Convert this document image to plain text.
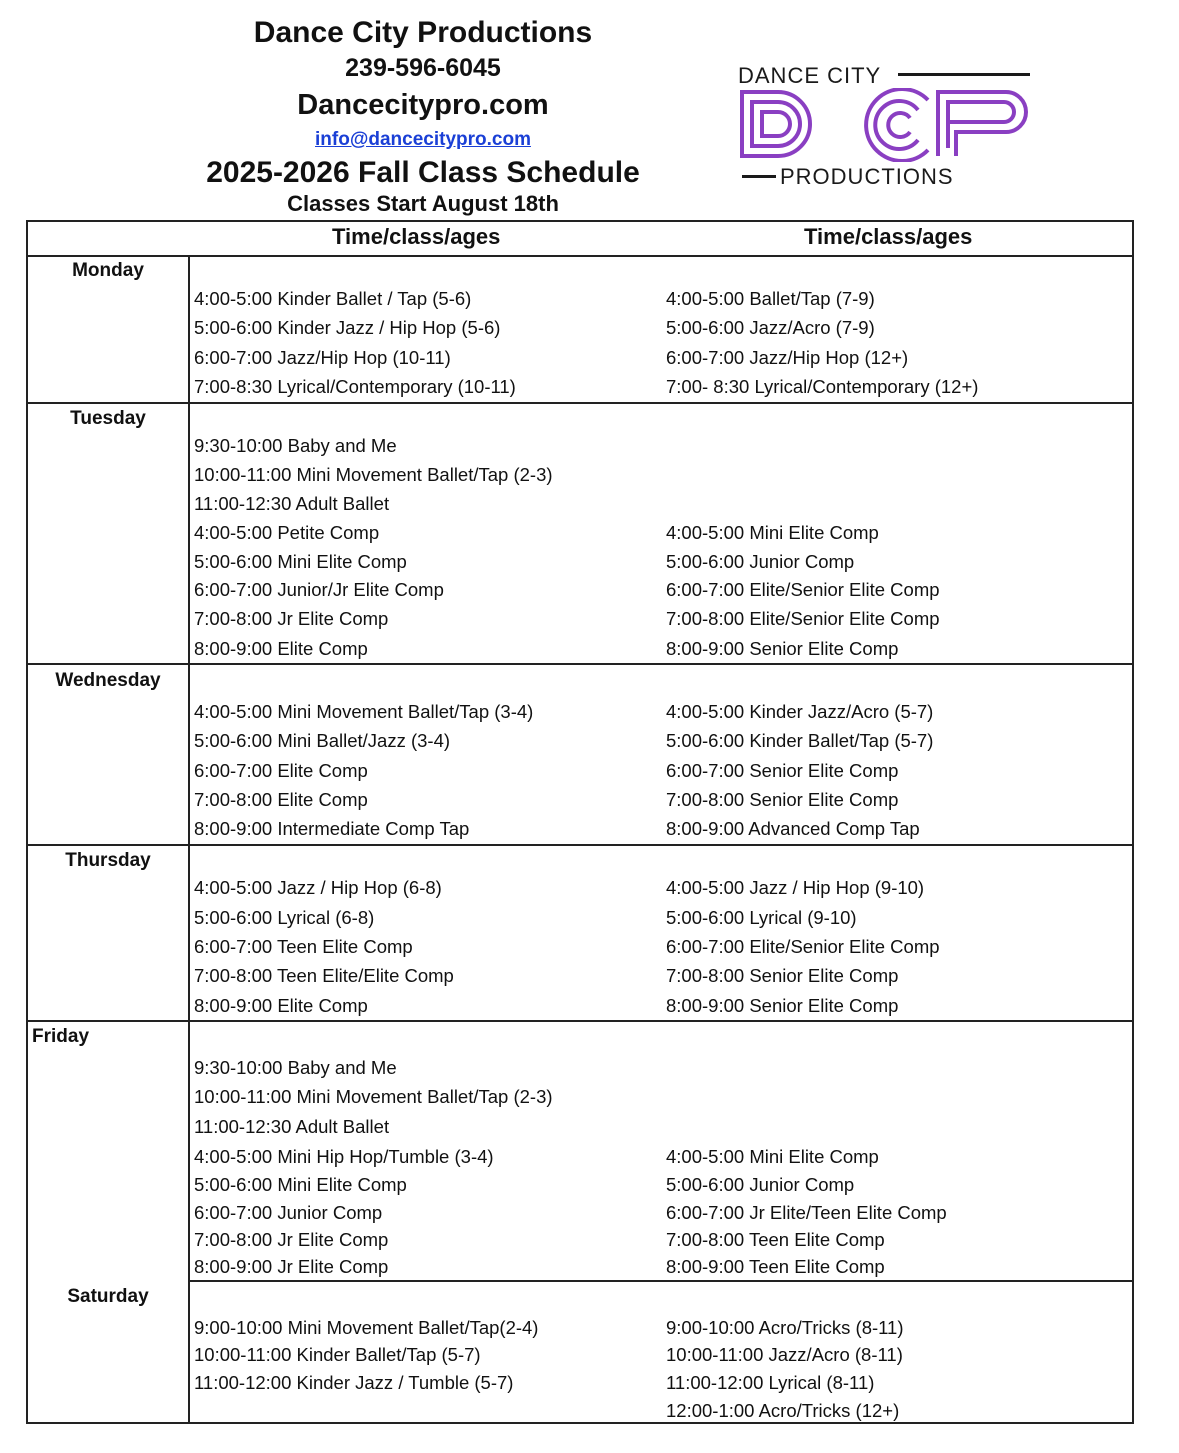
Dance City Productions
239-596-6045
Dancecitypro.com
info@dancecitypro.com
2025-2026 Fall Class Schedule
Classes Start August 18th
DANCE CITY
PRODUCTIONS
Time/class/ages	Time/class/ages
Monday
4:00-5:00 Kinder Ballet / Tap (5-6)
5:00-6:00 Kinder Jazz / Hip Hop (5-6)
6:00-7:00 Jazz/Hip Hop (10-11)
7:00-8:30 Lyrical/Contemporary (10-11)
4:00-5:00 Ballet/Tap (7-9)
5:00-6:00 Jazz/Acro (7-9)
6:00-7:00 Jazz/Hip Hop (12+)
7:00- 8:30 Lyrical/Contemporary (12+)
Tuesday
9:30-10:00 Baby and Me
10:00-11:00 Mini Movement Ballet/Tap (2-3)
11:00-12:30 Adult Ballet
4:00-5:00 Petite Comp
5:00-6:00 Mini Elite Comp
6:00-7:00 Junior/Jr Elite Comp
7:00-8:00 Jr Elite Comp
8:00-9:00 Elite Comp
4:00-5:00 Mini Elite Comp
5:00-6:00 Junior Comp
6:00-7:00 Elite/Senior Elite Comp
7:00-8:00 Elite/Senior Elite Comp
8:00-9:00 Senior Elite Comp
Wednesday
4:00-5:00 Mini Movement Ballet/Tap (3-4)
5:00-6:00 Mini Ballet/Jazz (3-4)
6:00-7:00 Elite Comp
7:00-8:00 Elite Comp
8:00-9:00 Intermediate Comp Tap
4:00-5:00 Kinder Jazz/Acro (5-7)
5:00-6:00 Kinder Ballet/Tap (5-7)
6:00-7:00 Senior Elite Comp
7:00-8:00 Senior Elite Comp
8:00-9:00 Advanced Comp Tap
Thursday
4:00-5:00 Jazz / Hip Hop (6-8)
5:00-6:00 Lyrical (6-8)
6:00-7:00 Teen Elite Comp
7:00-8:00 Teen Elite/Elite Comp
8:00-9:00 Elite Comp
4:00-5:00 Jazz / Hip Hop (9-10)
5:00-6:00 Lyrical (9-10)
6:00-7:00 Elite/Senior Elite Comp
7:00-8:00 Senior Elite Comp
8:00-9:00 Senior Elite Comp
Friday
9:30-10:00 Baby and Me
10:00-11:00 Mini Movement Ballet/Tap (2-3)
11:00-12:30 Adult Ballet
4:00-5:00 Mini Hip Hop/Tumble (3-4)
5:00-6:00 Mini Elite Comp
6:00-7:00 Junior Comp
7:00-8:00 Jr Elite Comp
8:00-9:00 Jr Elite Comp
4:00-5:00 Mini Elite Comp
5:00-6:00 Junior Comp
6:00-7:00 Jr Elite/Teen Elite Comp
7:00-8:00 Teen Elite Comp
8:00-9:00 Teen Elite Comp
Saturday
9:00-10:00 Mini Movement Ballet/Tap(2-4)
10:00-11:00 Kinder Ballet/Tap (5-7)
11:00-12:00 Kinder Jazz / Tumble (5-7)
9:00-10:00 Acro/Tricks (8-11)
10:00-11:00 Jazz/Acro (8-11)
11:00-12:00 Lyrical (8-11)
12:00-1:00 Acro/Tricks (12+)
